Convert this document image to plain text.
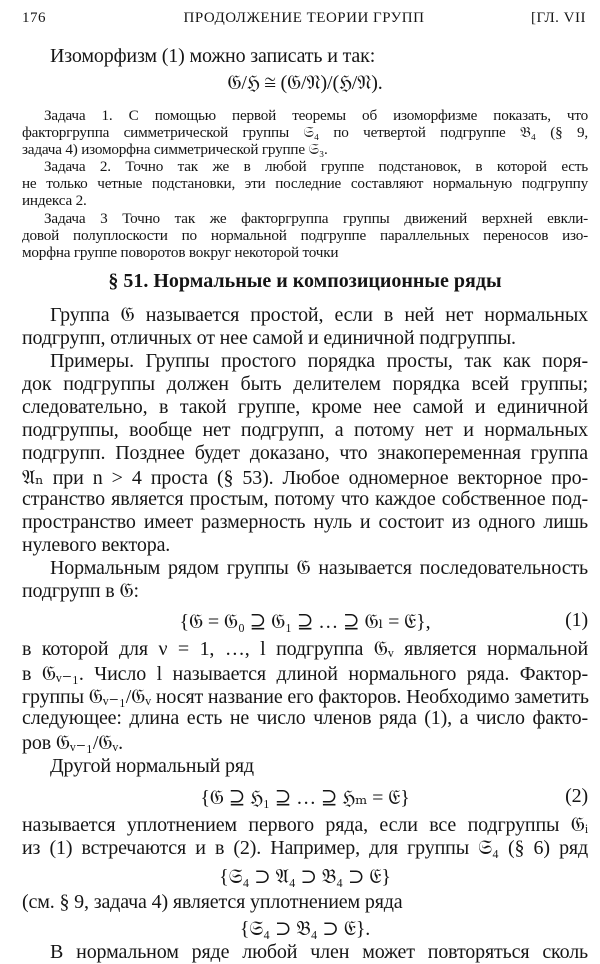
176	ПРОДОЛЖЕНИЕ ТЕОРИИ ГРУПП	[ГЛ. VII
Изоморфизм (1) можно записать и так:
𝔊/ℌ ≅ (𝔊/𝔑)/(ℌ/𝔑).
Задача 1. С помощью первой теоремы об изоморфизме показать, что
факторгруппа симметрической группы 𝔖₄ по четвертой подгруппе 𝔅₄ (§ 9,
задача 4) изоморфна симметрической группе 𝔖₃.
Задача 2. Точно так же в любой группе подстановок, в которой есть
не только четные подстановки, эти последние составляют нормальную подгруппу
индекса 2.
Задача 3 Точно так же факторгруппа группы движений верхней евкли-
довой полуплоскости по нормальной подгруппе параллельных переносов изо-
морфна группе поворотов вокруг некоторой точки
§ 51. Нормальные и композиционные ряды
Группа 𝔊 называется простой, если в ней нет нормальных
подгрупп, отличных от нее самой и единичной подгруппы.
Примеры. Группы простого порядка просты, так как поря-
док подгруппы должен быть делителем порядка всей группы;
следовательно, в такой группе, кроме нее самой и единичной
подгруппы, вообще нет подгрупп, а потому нет и нормальных
подгрупп. Позднее будет доказано, что знакопеременная группа
𝔄ₙ при n > 4 проста (§ 53). Любое одномерное векторное про-
странство является простым, потому что каждое собственное под-
пространство имеет размерность нуль и состоит из одного лишь
нулевого вектора.
Нормальным рядом группы 𝔊 называется последовательность
подгрупп в 𝔊:
{𝔊 = 𝔊₀ ⊇ 𝔊₁ ⊇ … ⊇ 𝔊ₗ = 𝔈},	(1)
в которой для ν = 1, …, l подгруппа 𝔊ᵥ является нормальной
в 𝔊ᵥ₋₁. Число l называется длиной нормального ряда. Фактор-
группы 𝔊ᵥ₋₁/𝔊ᵥ носят название его факторов. Необходимо заметить
следующее: длина есть не число членов ряда (1), а число факто-
ров 𝔊ᵥ₋₁/𝔊ᵥ.
Другой нормальный ряд
{𝔊 ⊇ ℌ₁ ⊇ … ⊇ ℌₘ = 𝔈}	(2)
называется уплотнением первого ряда, если все подгруппы 𝔊ᵢ
из (1) встречаются и в (2). Например, для группы 𝔖₄ (§ 6) ряд
{𝔖₄ ⊃ 𝔄₄ ⊃ 𝔅₄ ⊃ 𝔈}
(см. § 9, задача 4) является уплотнением ряда
{𝔖₄ ⊃ 𝔅₄ ⊃ 𝔈}.
В нормальном ряде любой член может повторяться сколь
